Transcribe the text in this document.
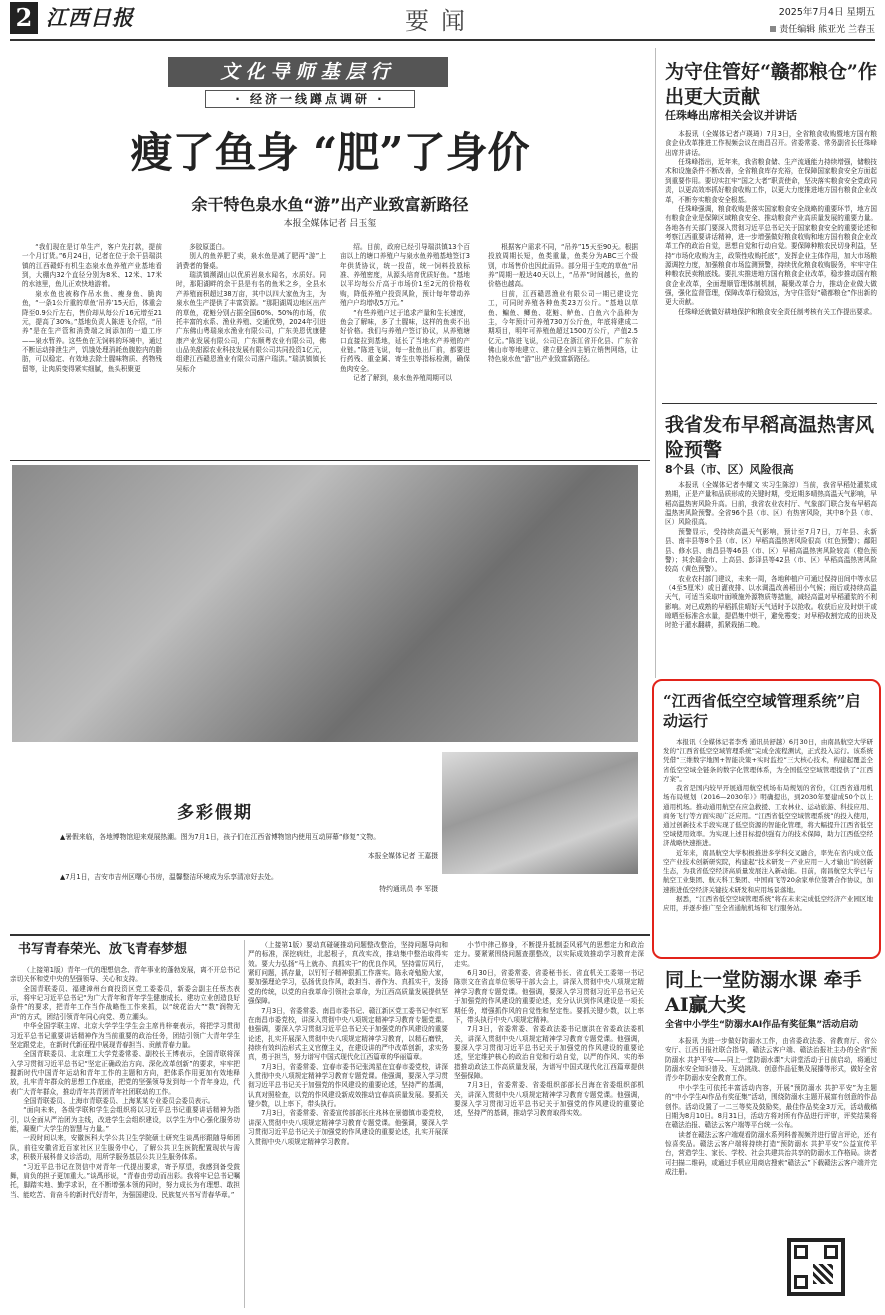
2 江西日报	要闻	2025年7月4日 星期五
责任编辑 熊亚光 兰春玉
文化导师基层行
· 经济一线蹲点调研 ·
瘦了鱼身 “肥”了身价
余干特色泉水鱼“游”出产业致富新路径
本报全媒体记者 吕玉玺

“我们现在是订单生产，客户先打款，提前一个月订货。”6月24日，记者在位于余干县瑞洪镇的江西赣虾有机生态泉水鱼养殖产业基地看到，大棚内32个直径分别为8米、12米、17米的水池里，鱼儿正欢快地游着。

泉水鱼也被称作吊水鱼、瘦身鱼、脆肉鱼，“一条1公斤重的草鱼‘吊养’15天后，体重会降至0.9公斤左右，售价却从每公斤16元增至21元，提高了30%。”基地负责人陈进飞介绍，“吊养”是在生产管和消费端之间添加的一道工序——泉水暂养。这些鱼在无饲料的环境中，通过不断运动排泄生产，饥饿处理消耗鱼腹腔内的脂肪，可以稳定、有效地去除土腥味物质、药物残留等，让肉质变得紧实细腻，鱼头积聚更

多胶原蛋白。

别人的鱼养肥了卖，泉水鱼是减了肥再“游”上消费者的餐桌。

瑞洪镇濒湖山以优质岩泉水闻名，水质好。同时，那阳湖畔的余干县是有名的鱼米之乡，全县水产养殖面积超过38万亩，其中以四大家鱼为主，为泉水鱼生产提供了丰富资源。“那阳湖周边地区出产的草鱼，花鲢分别占据全国60%、50%的市场，依托丰富的水系、渔业养殖、交通优势，2024年引进广东佛山粤瑞泉水渔业有限公司，广东美恩优康健康产业发展有限公司，广东顺粤农业有限公司，佛山品美甜源农业科技发展有限公司共同投资1亿元，组建江西赣恩渔业有限公司落户瑞洪。”瑞洪镇镇长吴标介

绍。目前，政府已经引导瑞洪镇13个百亩以上的塘口养殖户与泉水鱼养殖基地签订3年供货协议，统一投苗，统一饲料投放标准、养殖密度，从源头培育优质好鱼。“基地以平均每公斤高于市场价1至2元的价格收购，降低养殖户投资风险，预计每年带动养殖户户均增收5万元。”

“有些养殖户过于追求产量和生长速度，鱼会了解味，多了土腥味，这样的鱼卖不出好价格。我们与养殖户签订协议，从养殖塘口直接拉到基地，延长了当地水产养殖的产业链。”陈进飞说，每一批鱼出厂前，都要进行药残、重金属、寄生虫等指标检测，确保鱼肉安全。

记者了解到，泉水鱼养殖周期可以

根据客户需求不同，“吊养”15天至90天。根据投放周期长短，鱼类重量，鱼类分为ABC三个级别，市场售价也因此而异。部分用于生吃的草鱼“吊养”周期一般达40天以上，“吊养”时间越长，鱼的价格也越高。

目前，江西赣恩渔业有限公司一期已建设完工，可同时养殖各种鱼类23万公斤。“基地以草鱼、鳊鱼、鲫鱼、花鲢、鲈鱼、白鱼六个品种为主，今年预计可养殖730万公斤鱼，年底将建成二期项目，明年可养殖鱼超过1500万公斤，产值2.5亿元。”陈进飞说，公司已在浙江省开化县、广东省佛山市等地建立、建立健全四主销立销售网络，让特色泉水鱼“游”出产业致富新路径。

多彩假期
▲ 暑假来临，各地博物馆迎来观展热潮。图为7月1日，孩子们在江西省博物馆内使用互动屏幕“修复”文物。
本报全媒体记者 王嘉摄
▲ 7月1日，吉安市吉州区曙心书房，温馨整洁环境成为乐享清凉好去处。
特约通讯员 李 军摄
书写青春荣光、放飞青春梦想

（上接第1版）青年一代的理想信念、青年事业的蓬勃发展，离不开总书记亲切关怀和党中央的坚强领导、关心和支持。

全国青联委员、福建漳州台商投资区党工委委员，新委会副主任蔡杰表示，将牢记习近平总书记“为广大青年和青年学生健康成长、建功立业创造良好条件”的要求，把青年工作当作战略性工作来抓，以“统花治大”“数”润物无声“的方式，团结引领青年同心向党、勇立潮头。

中华全国学联主席、北京大学学生学生会主席肖梓豪表示，将把学习贯彻习近平总书记重要讲话精神作为当前重要的政治任务，团结引领广大青年学生坚定跟党走，在新时代新征程中展现青春担当、贡献青春力量。

全国青联委员、北京理工大学党委常委、副校长王博表示，全国青联将深入学习贯彻习近平总书记“坚定正确政治方向、深化改革创新”的要求，牢牢把握新时代中国青年运动和青年工作的主题和方向，把体系作用更加有效地释放，扎牢青年群众的思想工作底座，把党的坚强领导发到每一个青年身边，代表广大青年群众，推动青年共青团青年社团联动的工作。

全国青联委员、上海市青联委员、上海某某专业委员会委员表示。

“面向未来，各级学联和学生会组织将以习近平总书记重要讲话精神为指引，以全面从严治团为主线，改进学生会组织建设，以学生为中心强化服务功能，凝聚广大学生的智慧与力量。”

一段时间以来，安徽医科大学公共卫生学院硕士研究生谈禹形跟随导师团队，前往安徽省近百家社区卫生服务中心，了解公共卫生医院配置现状与需求，积极开展科普义诊活动，用所学服务基层公共卫生服务体系。

“习近平总书记在贺信中对青年一代提出要求，寄予厚望，我感到备受鼓舞，肩负的担子更加重大。”谈禹形说，“青春由劳动而出彩。我将牢记总书记嘱托，脚踏实地、勤学求识，在不断增强本领的同时，努力成长为有理想、敢担当、能吃苦、肯奋斗的新时代好青年，为强国建设、民族复兴书写青春华章。”

（上接第1版）要动真碰硬推动问题整改整治，坚持问题导向和严的标准，深挖病灶，北起根子，真改实改，推动集中整治取得实效。要大力弘扬“马上就办、真抓实干”的优良作风，坚持雷厉风行，紧盯问题，抓存量，以钉钉子精神狠抓工作落实。陈永奇勉励大家，要加强理论学习，弘扬优良作风，敢担当、善作为、真抓实干，发扬党的传统，以党的自我革命引领社会革命，为江西高质量发展提供坚强保障。

7月3日，省委常委、南昌市委书记、赣江新区党工委书记李红军在南昌市委党校，讲深入贯彻中央八项规定精神学习教育专题党课。他强调，要深入学习贯彻习近平总书记关于加强党的作风建设的重要论述，扎实开展深入贯彻中央八项规定精神学习教育，以精石磨铁，持续有效纠治形式主义官僚主义，在建设讲的严中改革创新，求实务真，勇于担当，努力谱写中国式现代化江西篇章的华丽篇章。

7月3日，省委常委、宜春市委书记张鸿星在宜春市委党校，讲深入贯彻中央八项规定精神学习教育专题党课。他强调，要深入学习贯彻习近平总书记关于加强党的作风建设的重要论述，坚持严的基调，认真对照检查，以党的作风建设新成效推动宜春高质量发展。要抓关键少数，以上率下，带头执行。

7月3日，省委常委、省委宣传部部长庄兆林在景德镇市委党校，讲深入贯彻中央八项规定精神学习教育专题党课。他强调，要深入学习贯彻习近平总书记关于加强党的作风建设的重要论述，扎实开展深入贯彻中央八项规定精神学习教育。

小节中律己修身，不断提升抵制歪风邪气的思想定力和政治定力。要紧紧围绕问题查摆整改，以实际成效推动学习教育走深走实。

6月30日，省委常委、省委秘书长、省直机关工委第一书记陈崇文在省直单位领导干部大会上，讲深入贯彻中央八项规定精神学习教育专题党课。他强调，要深入学习贯彻习近平总书记关于加强党的作风建设的重要论述，充分认识到作风建设是一项长期任务，增强抓作风的自觉性和坚定性。要抓关键少数，以上率下，带头执行中央八项规定精神。

7月3日，省委常委、省委政法委书记康洪在省委政法委机关，讲深入贯彻中央八项规定精神学习教育专题党课。他强调，要深入学习贯彻习近平总书记关于加强党的作风建设的重要论述，坚定维护核心的政治自觉和行动自觉，以严的作风、实的举措推动政法工作高质量发展，为谱写中国式现代化江西篇章提供坚强保障。

7月3日，省委常委、省委组织部部长吕海在省委组织部机关，讲深入贯彻中央八项规定精神学习教育专题党课。他强调，要深入学习贯彻习近平总书记关于加强党的作风建设的重要论述，坚持严的基调，推动学习教育取得实效。

为守住管好“赣都粮仓”作出更大贡献
任珠峰出席相关会议并讲话

本报讯（全媒体记者卢瑛琦）7月3日，全省粮食收购暨地方国有粮食企业改革推进工作视频会议在南昌召开。省委常委、常务副省长任珠峰出席并讲话。

任珠峰指出，近年来，我省粮食储、生产流通能力持续增强，储粮技术和设施条件不断改善，全省粮食库存充裕，在保障国家粮食安全方面起到重要作用。要切实扛牢“国之大者”职责使命，坚决落实粮食安全党政同责，以更高效率抓好粮食收购工作，以更大力度推进地方国有粮食企业改革，不断夯实粮食安全根基。

任珠峰强调，粮食收购是落实国家粮食安全战略的重要环节，地方国有粮食企业是保障区域粮食安全、推动粮食产业高质量发展的重要力量。各地各有关部门要深入贯彻习近平总书记关于国家粮食安全的重要论述和考察江西重要讲话精神，进一步增强做好粮食收购和地方国有粮食企业改革工作的政治自觉，思想自觉和行动自觉。要保障种粮农民切身利益，坚持“市场化收购为主，政策性收购托底”，发挥企业主体作用，加大市场粮源调控力度，加强粮食市场监测预警，持续优化粮食收购服务，牢牢守住种粮农民卖粮底线。要扎实推进地方国有粮食企业改革，稳步推动国有粮食企业改革，全面理顺管理体制机制，凝聚改革合力，推动企业做大做强，强化监督管理，保障改革行稳致远，为守住管好“赣都粮仓”作出新的更大贡献。

任珠峰还就做好耕地保护和粮食安全责任制考核有关工作提出要求。

我省发布早稻高温热害风险预警
8个县（市、区）风险很高

本报讯（全媒体记者李耀文 实习生陈淳）当前，我省早稻处灌浆成熟期，正是产量和品质形成的关键时期，受近期多晴热高温天气影响，早稻高温热害风险升高。日前，我省农业农村厅、气象部门联合发布早稻高温热害风险预警。全省96个县（市、区）有热害风险，其中8个县（市、区）风险很高。

预警显示，受持续高温天气影响，预计至7月7日，万年县、永新县、南丰县等8个县（市、区）早稻高温热害风险很高（红色预警）；鄱阳县、修水县、南昌县等46县（市、区）早稻高温热害风险较高（橙色预警）；其余瑞金市、上高县、彭泽县等42县（市、区）早稻高温热害风险较高（黄色预警）。

农业农村部门建议，未来一周，各地种植户可通过保持田间中等水层（4至5厘米）或日灌夜排、以水调温改善稻田小气候；雨后或持续高温天气，可适当采取叶面喷施外源物质等措施，减轻高温对早稻灌浆的不利影响。对已成熟的早稻抓住晴好天气适时予以抢收。收获后应及时烘干或晾晒至标准含水量，提倡集中烘干，避免霉变；对早稻收割完成的田块及时抢于灌水翻耕，抓紧栽插二晚。

“江西省低空空域管理系统”启动运行

本报讯（全媒体记者李秀 通讯员舒越）6月30日，由南昌航空大学研发的“江西省低空空域管理系统”完成全流程测试，正式投入运行。该系统凭借“三维数字地图+智能决策+实时监控”三大核心技术，构建起覆盖全省低空空域全链条的数字化管理体系，为全国低空空域管理提供了“江西方案”。

我省是国内较早开展通用航空机场布局规划的省份，《江西省通用机场布局规划（2016—2030年）》明确提出，到2030年要建成50个以上通用机场。推动通用航空在应急救援、工农林业、运动旅游、科技应用、商务飞行等方面实现广泛应用。“江西省低空空域管理系统”的投入使用，通过创新技术手段实现了低空资源的智能化管理，将大幅提升江西省低空空域使用效率。为实现上述目标提供强有力的技术保障，助力江西低空经济战略快速推进。

近年来，南昌航空大学积极推进多学科交叉融合，率先在省内成立低空产业技术创新研究院，构建起“技术研发－产业应用－人才输出”的创新生态，为我省低空经济高质量发展注入新动能。目前，南昌航空大学已与航空工业集团、航天科工集团、中国商飞等20余家单位签署合作协议，加速推进低空经济关键技术研发和应用场景落地。

据悉，“江西省低空空域管理系统”将在未来完成低空经济产业园区地应用，并逐步推广至全省通航机场和飞行服务站。

同上一堂防溺水课 牵手AI赢大奖
全省中小学生“防溺水AI作品有奖征集”活动启动

本报讯 为进一步做好防溺水工作，由省委政法委、省教育厅、省公安厅、江西日报社联合指导，赣法云客户端、赣法治报社主办的全省“预防溺水 共护平安——同上一堂防溺水课”大讲堂活动于日前启动，将通过防溺水安全知识普及、互动挑战、创意作品征集及展播等形式，做好全省青少年防溺水安全教育工作。

中小学生可依托丰富活动内容，开展“预防溺水 共护平安”为主题的“中小学生AI作品有奖征集”活动，围绕防溺水主题开展富有创意的作品创作。活动设置了一二三等奖及鼓励奖，最佳作品奖金3万元，活动截稿日期为8月10日。8月31日，活动方将对所有作品进行评审，评奖结果将在赣法治报、赣法云客户端等平台统一公布。

读者在赣法云客户端观看防溺水系列科普视频并进行留言评论，还有惊喜奖品。赣法云客户端将持续打造“预防溺水 共护平安”公益宣传平台，营造学生、家长、学校、社会共建共治共享的防溺水工作格局。读者可扫描二维码，或通过手机应用商店搜索“赣法云”下载赣法云客户端并完成注册。
